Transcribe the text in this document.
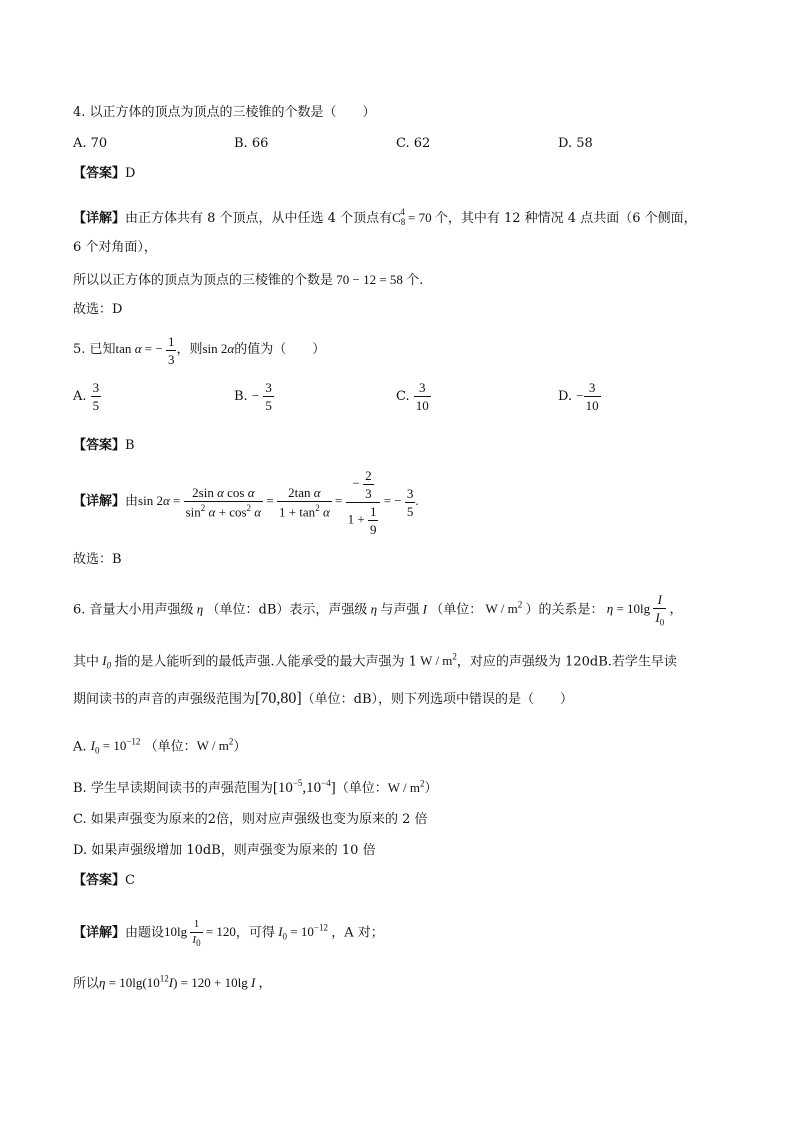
4. 以正方体的顶点为顶点的三棱锥的个数是（　　）
A. 70	B. 66	C. 62	D. 58
【答案】D
【详解】由正方体共有 8 个顶点，从中任选 4 个顶点有$C_8^4 = 70$ 个，其中有 12 种情况 4 点共面（6 个侧面，
6 个对角面），
所以以正方体的顶点为顶点的三棱锥的个数是 70 − 12 = 58 个.
故选：D
5. 已知tan α = − $\frac{1}{3}$ ，则sin 2α的值为（　　）
A. $\frac{3}{5}$	B. − $\frac{3}{5}$	C. $\frac{3}{10}$	D. − $\frac{3}{10}$
【答案】B
【详解】由$\sin 2\alpha = \frac{\text{2sin α cos α}}{\sin^2 \alpha + \cos^2 \alpha} = \frac{\text{2tan α}}{1 + \tan^2 \alpha} = \frac{- \frac{2}{3}}{1 + \frac{1}{9}}$ = − $\frac{3}{5}$ .
故选：B
6. 音量大小用声强级 η （单位：dB）表示，声强级 η 与声强 I （单位： W / $m^2$ ）的关系是： $\eta = 10\lg \frac{I}{I_0}$ ，
其中 $I_0$ 指的是人能听到的最低声强.人能承受的最大声强为 1 W / $m^2$，对应的声强级为 120dB.若学生早读
期间读书的声音的声强级范围为[70,80]（单位：dB），则下列选项中错误的是（　　）
A. $I_0 = 10^{-12}$ （单位：W / $m^2$）
B. 学生早读期间读书的声强范围为$[10^{-5},10^{-4}]$（单位：W / $m^2$）
C. 如果声强变为原来的2倍，则对应声强级也变为原来的 2 倍
D. 如果声强级增加 10dB，则声强变为原来的 10 倍
【答案】C
【详解】由题设$10\lg \frac{1}{I_0} = 120$，可得 $I_0 = 10^{-12}$ ，A 对；
所以$\eta = 10\lg(10^{12}I) = 120 + 10\lg$ I ，
